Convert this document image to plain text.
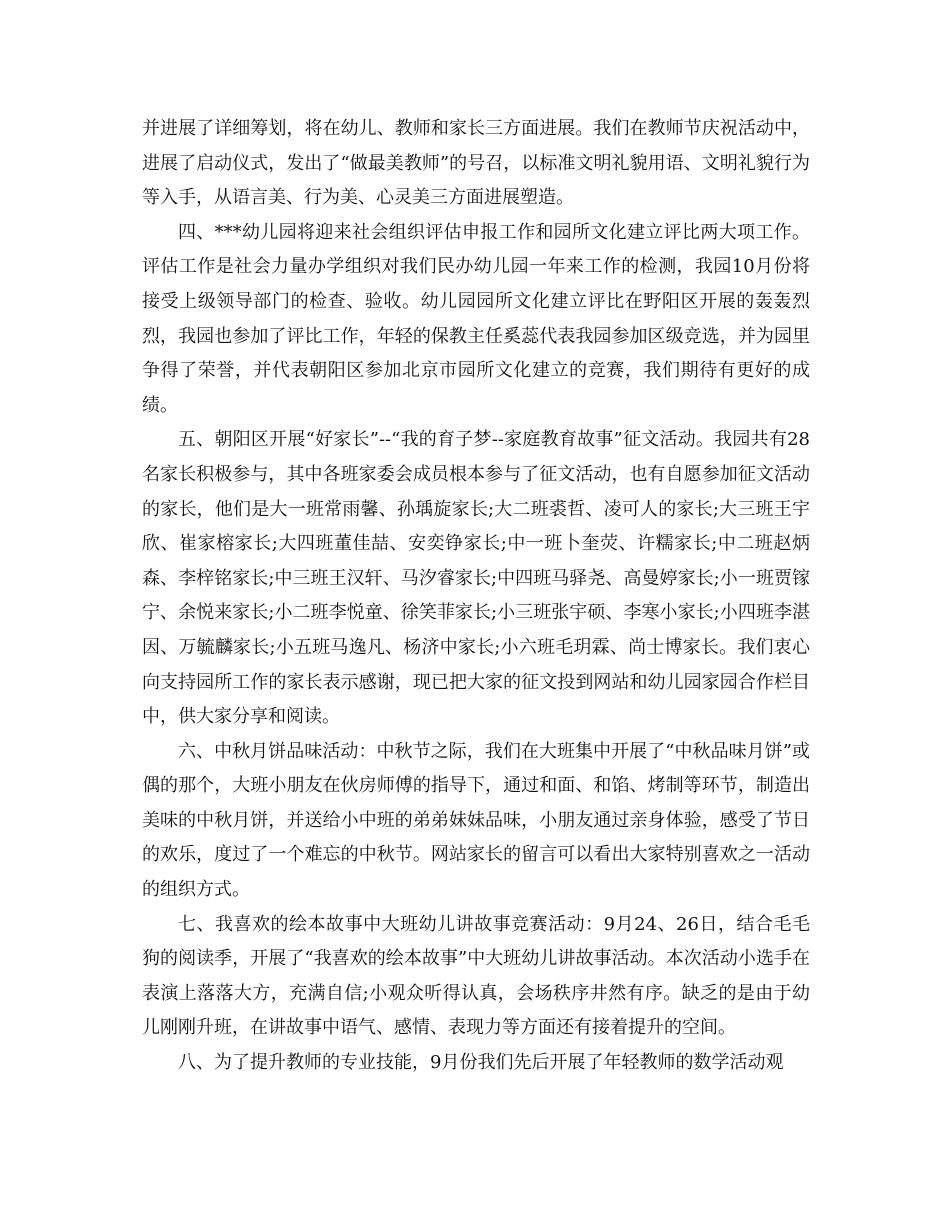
并进展了详细筹划，将在幼儿、教师和家长三方面进展。我们在教师节庆祝活动中，进展了启动仪式，发出了“做最美教师”的号召，以标准文明礼貌用语、文明礼貌行为等入手，从语言美、行为美、心灵美三方面进展塑造。

四、***幼儿园将迎来社会组织评估申报工作和园所文化建立评比两大项工作。评估工作是社会力量办学组织对我们民办幼儿园一年来工作的检测，我园10月份将接受上级领导部门的检查、验收。幼儿园园所文化建立评比在野阳区开展的轰轰烈烈，我园也参加了评比工作，年轻的保教主任奚蕊代表我园参加区级竞选，并为园里争得了荣誉，并代表朝阳区参加北京市园所文化建立的竞赛，我们期待有更好的成绩。

五、朝阳区开展“好家长”--“我的育子梦--家庭教育故事”征文活动。我园共有28名家长积极参与，其中各班家委会成员根本参与了征文活动，也有自愿参加征文活动的家长，他们是大一班常雨馨、孙瑀旋家长;大二班裘哲、凌可人的家长;大三班王宇欣、崔家榕家长;大四班董佳喆、安奕铮家长;中一班卜奎荧、许糯家长;中二班赵炳森、李梓铭家长;中三班王汉轩、马汐睿家长;中四班马驿尧、高曼婷家长;小一班贾镓宁、余悦来家长;小二班李悦童、徐笑菲家长;小三班张宇硕、李寒小家长;小四班李湛因、万毓麟家长;小五班马逸凡、杨济中家长;小六班毛玥霖、尚士博家长。我们衷心向支持园所工作的家长表示感谢，现已把大家的征文投到网站和幼儿园家园合作栏目中，供大家分享和阅读。

六、中秋月饼品味活动：中秋节之际，我们在大班集中开展了“中秋品味月饼”或偶的那个，大班小朋友在伙房师傅的指导下，通过和面、和馅、烤制等环节，制造出美味的中秋月饼，并送给小中班的弟弟妹妹品味，小朋友通过亲身体验，感受了节日的欢乐，度过了一个难忘的中秋节。网站家长的留言可以看出大家特别喜欢之一活动的组织方式。

七、我喜欢的绘本故事中大班幼儿讲故事竞赛活动：9月24、26日，结合毛毛狗的阅读季，开展了“我喜欢的绘本故事”中大班幼儿讲故事活动。本次活动小选手在表演上落落大方，充满自信;小观众听得认真，会场秩序井然有序。缺乏的是由于幼儿刚刚升班，在讲故事中语气、感情、表现力等方面还有接着提升的空间。

八、为了提升教师的专业技能，9月份我们先后开展了年轻教师的数学活动观
